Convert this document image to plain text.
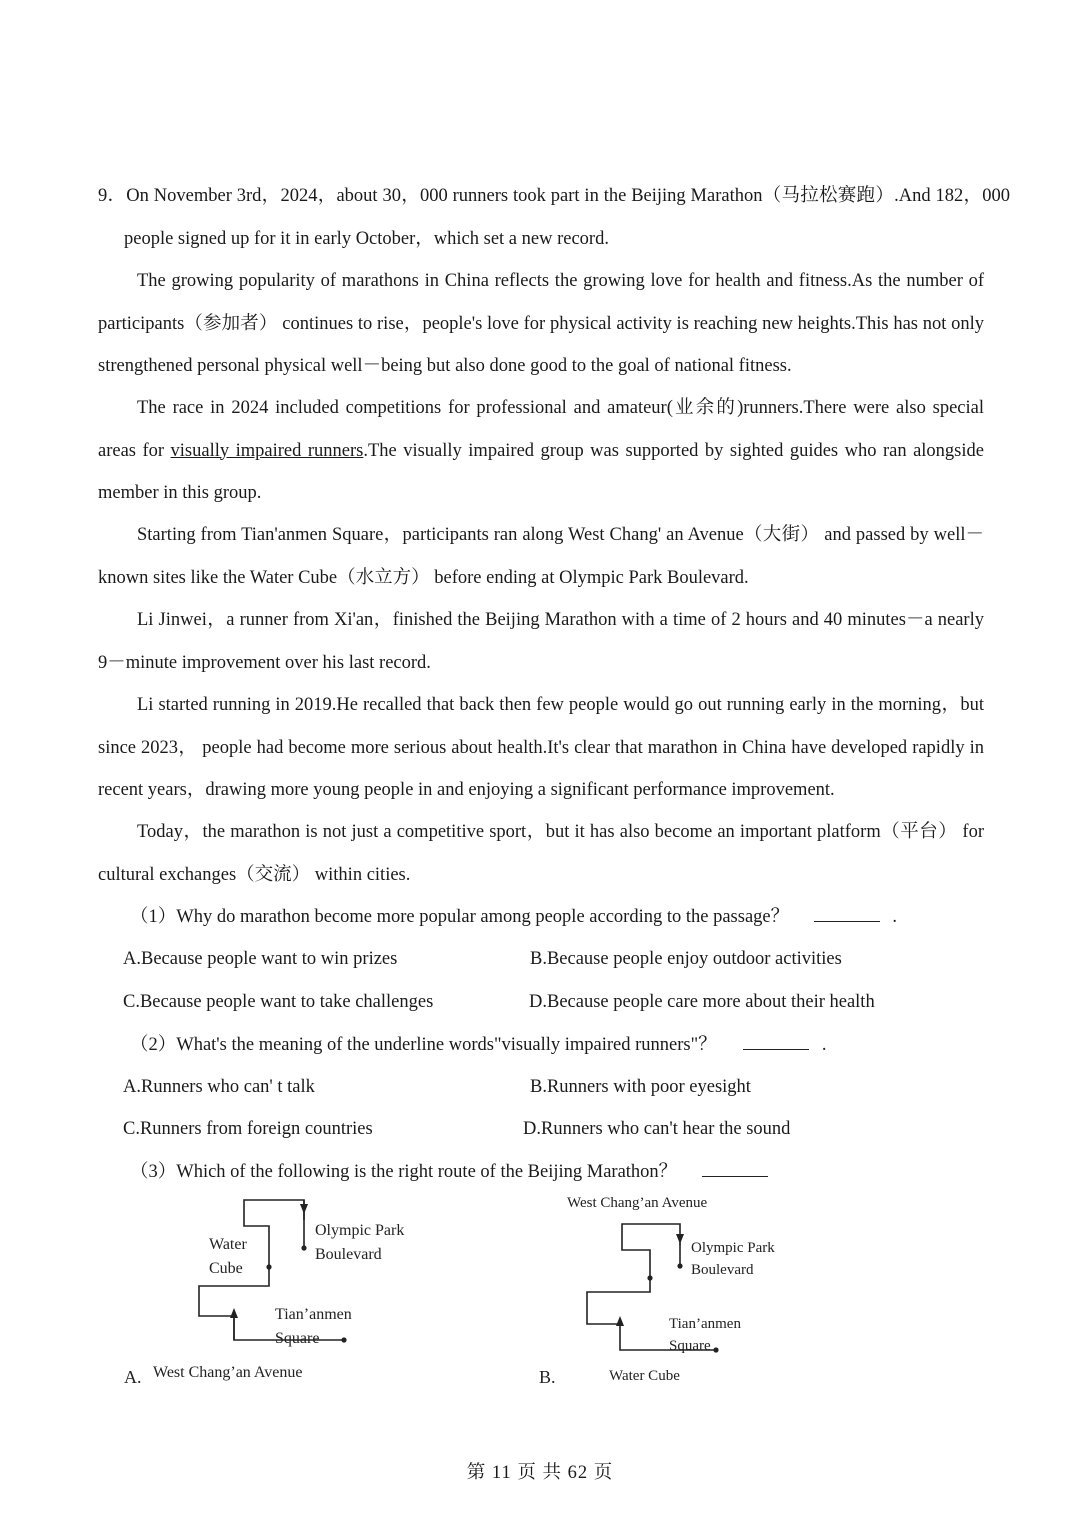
9．On November 3rd，2024，about 30，000 runners took part in the Beijing Marathon（马拉松赛跑）.And 182，000 people signed up for it in early October，which set a new record.

The growing popularity of marathons in China reflects the growing love for health and fitness.As the number of participants（参加者） continues to rise，people's love for physical activity is reaching new heights.This has not only strengthened personal physical well－being but also done good to the goal of national fitness.

The race in 2024 included competitions for professional and amateur(业余的)runners.There were also special areas for visually impaired runners.The visually impaired group was supported by sighted guides who ran alongside member in this group.

Starting from Tian'anmen Square，participants ran along West Chang' an Avenue（大街） and passed by well－known sites like the Water Cube（水立方） before ending at Olympic Park Boulevard.

Li Jinwei，a runner from Xi'an，finished the Beijing Marathon with a time of 2 hours and 40 minutes－a nearly 9－minute improvement over his last record.

Li started running in 2019.He recalled that back then few people would go out running early in the morning，but since 2023， people had become more serious about health.It's clear that marathon in China have developed rapidly in recent years，drawing more young people in and enjoying a significant performance improvement.

Today，the marathon is not just a competitive sport，but it has also become an important platform（平台） for cultural exchanges（交流） within cities.

（1）Why do marathon become more popular among people according to the passage？	.
A.Because people want to win prizes	B.Because people enjoy outdoor activities
C.Because people want to take challenges	D.Because people care more about their health
（2）What's the meaning of the underline words"visually impaired runners"？	.
A.Runners who can' t talk	B.Runners with poor eyesight
C.Runners from foreign countries	D.Runners who can't hear the sound
（3）Which of the following is the right route of the Beijing Marathon？
Water
Cube
Olympic Park
Boulevard
Tian’anmen
Square
A. West Chang’an Avenue
West Chang’an Avenue
Olympic Park
Boulevard
Tian’anmen
Square
B.	Water Cube
第 11 页 共 62 页
